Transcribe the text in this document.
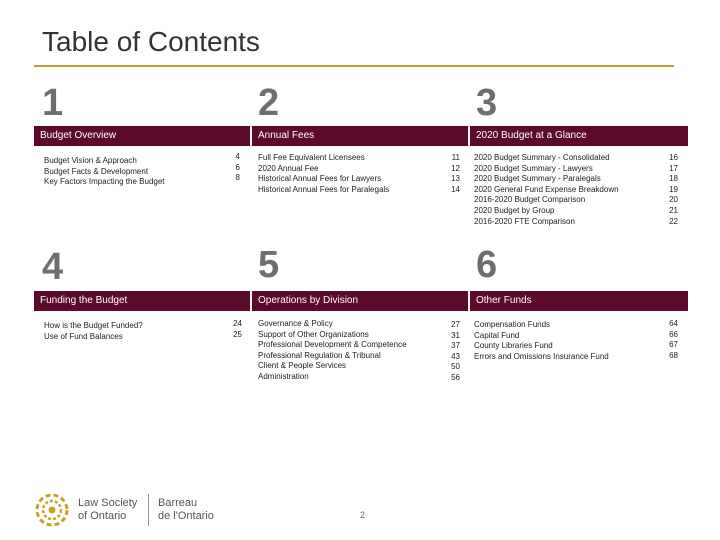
Table of Contents
1
Budget Overview
Budget Vision & Approach
Budget Facts & Development
Key Factors Impacting the Budget
4
6
8
2
Annual Fees
Full Fee Equivalent Licensees
2020 Annual Fee
Historical Annual Fees for Lawyers
Historical Annual Fees for Paralegals
11
12
13
14
3
2020 Budget at a Glance
2020 Budget Summary - Consolidated
2020 Budget Summary - Lawyers
2020 Budget Summary - Paralegals
2020 General Fund Expense Breakdown
2016-2020 Budget Comparison
2020 Budget by Group
2016-2020 FTE Comparison
16
17
18
19
20
21
22
4
Funding the Budget
How is the Budget Funded?
Use of Fund Balances
24
25
5
Operations by Division
Governance & Policy
Support of Other Organizations
Professional Development & Competence
Professional Regulation & Tribunal
Client & People Services
Administration
27
31
37
43
50
56
6
Other Funds
Compensation Funds
Capital Fund
County Libraries Fund
Errors and Omissions Insurance Fund
64
66
67
68
Law Society
of Ontario
Barreau
de l'Ontario	2
